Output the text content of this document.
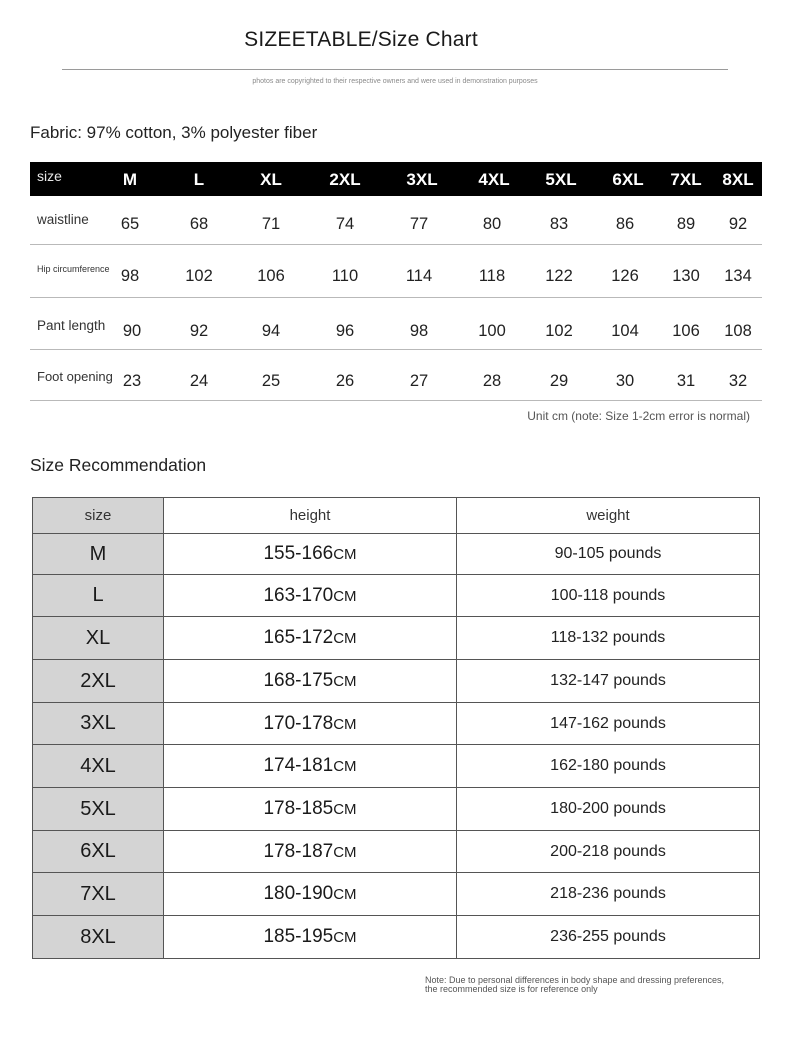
SIZEETABLE/Size Chart
photos are copyrighted to their respective owners and were used in demonstration purposes
Fabric: 97% cotton, 3% polyester fiber
size	M	L	XL	2XL	3XL	4XL	5XL	6XL	7XL	8XL
waistline	65	68	71	74	77	80	83	86	89	92
Hip circumference 98	102	106	110	114	118	122	126	130	134
Pant length	90	92	94	96	98	100	102	104	106	108
Foot opening 23	24	25	26	27	28	29	30	31	32
Unit cm (note: Size 1-2cm error is normal)
Size Recommendation
size	height	weight
M	155-166CM	90-105 pounds
L	163-170CM	100-118 pounds
XL	165-172CM	118-132 pounds
2XL	168-175CM	132-147 pounds
3XL	170-178CM	147-162 pounds
4XL	174-181CM	162-180 pounds
5XL	178-185CM	180-200 pounds
6XL	178-187CM	200-218 pounds
7XL	180-190CM	218-236 pounds
8XL	185-195CM	236-255 pounds
Note: Due to personal differences in body shape and dressing preferences,
the recommended size is for reference only
